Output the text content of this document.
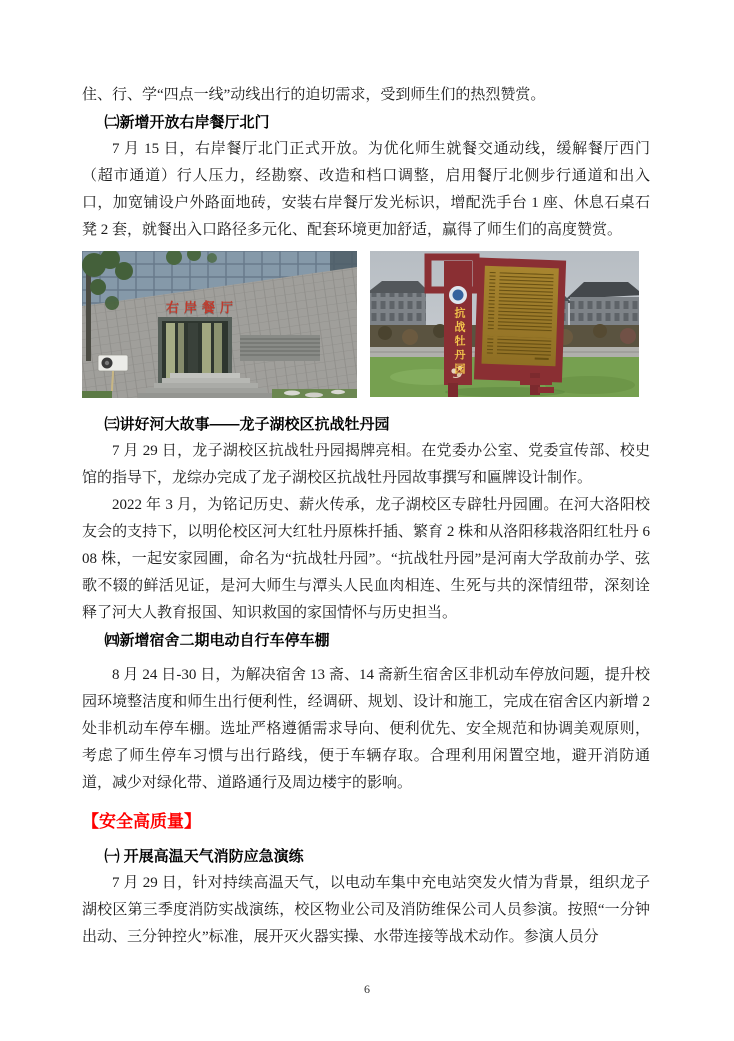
住、行、学“四点一线”动线出行的迫切需求，受到师生们的热烈赞赏。

㈡新增开放右岸餐厅北门

7 月 15 日，右岸餐厅北门正式开放。为优化师生就餐交通动线，缓解餐厅西门（超市通道）行人压力，经勘察、改造和档口调整，启用餐厅北侧步行通道和出入口，加宽铺设户外路面地砖，安装右岸餐厅发光标识，增配洗手台 1 座、休息石桌石凳 2 套，就餐出入口路径多元化、配套环境更加舒适，赢得了师生们的高度赞赏。

右岸餐厅	抗战牡丹园

㈢讲好河大故事——龙子湖校区抗战牡丹园

7 月 29 日，龙子湖校区抗战牡丹园揭牌亮相。在党委办公室、党委宣传部、校史馆的指导下，龙综办完成了龙子湖校区抗战牡丹园故事撰写和匾牌设计制作。

2022 年 3 月，为铭记历史、薪火传承，龙子湖校区专辟牡丹园圃。在河大洛阳校友会的支持下，以明伦校区河大红牡丹原株扦插、繁育 2 株和从洛阳移栽洛阳红牡丹 608 株，一起安家园圃，命名为“抗战牡丹园”。“抗战牡丹园”是河南大学敌前办学、弦歌不辍的鲜活见证，是河大师生与潭头人民血肉相连、生死与共的深情纽带，深刻诠释了河大人教育报国、知识救国的家国情怀与历史担当。

㈣新增宿舍二期电动自行车停车棚

8 月 24 日-30 日，为解决宿舍 13 斋、14 斋新生宿舍区非机动车停放问题，提升校园环境整洁度和师生出行便利性，经调研、规划、设计和施工，完成在宿舍区内新增 2 处非机动车停车棚。选址严格遵循需求导向、便利优先、安全规范和协调美观原则，考虑了师生停车习惯与出行路线，便于车辆存取。合理利用闲置空地，避开消防通道，减少对绿化带、道路通行及周边楼宇的影响。

【安全高质量】

㈠ 开展高温天气消防应急演练

7 月 29 日，针对持续高温天气，以电动车集中充电站突发火情为背景，组织龙子湖校区第三季度消防实战演练，校区物业公司及消防维保公司人员参演。按照“一分钟出动、三分钟控火”标准，展开灭火器实操、水带连接等战术动作。参演人员分

6
